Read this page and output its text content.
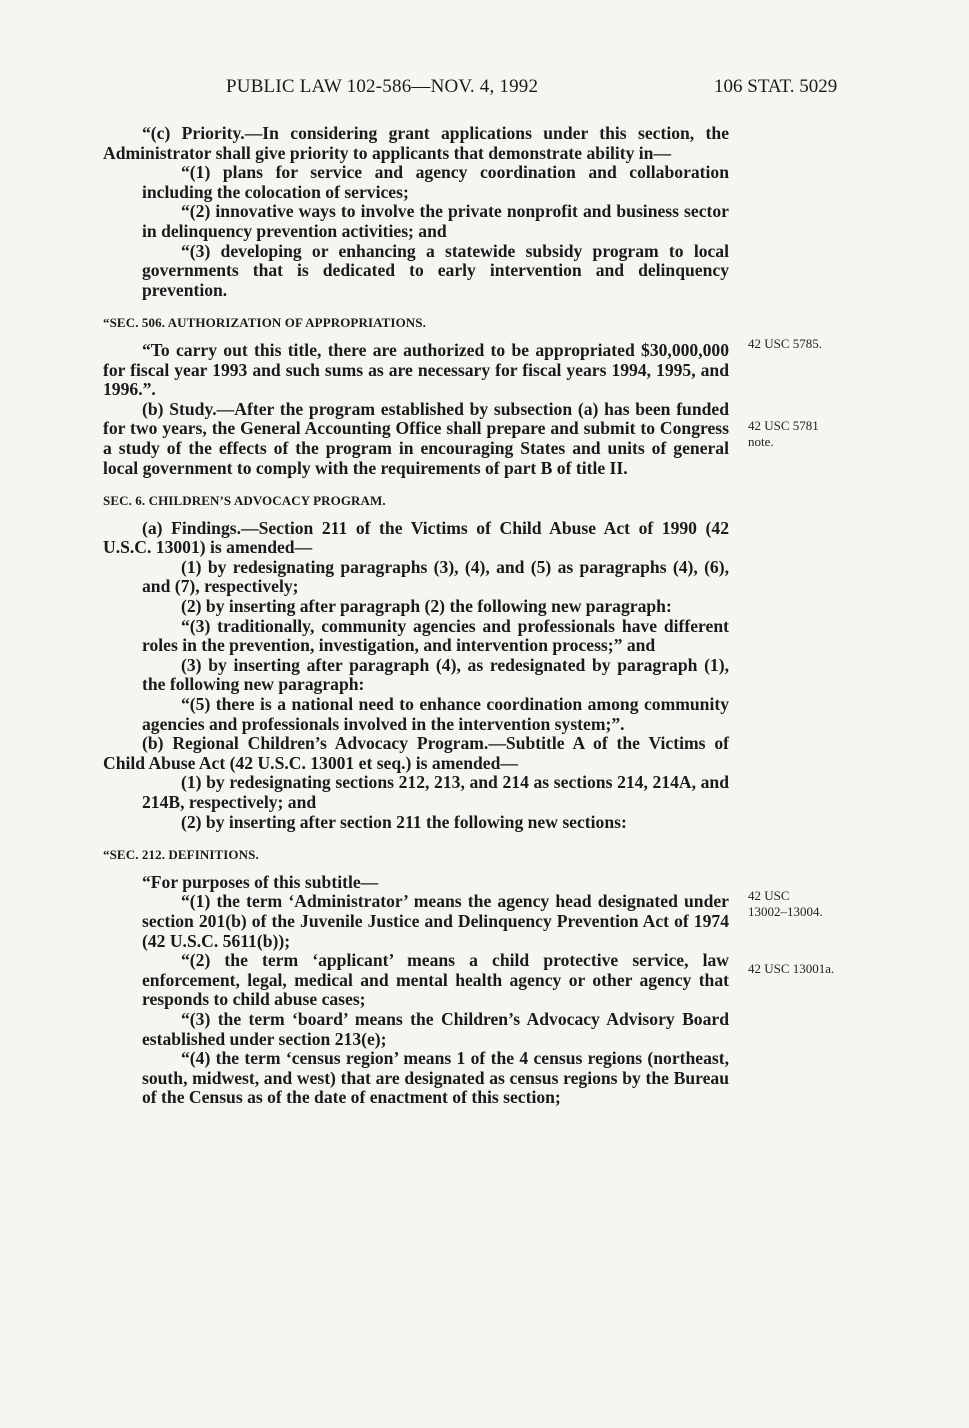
PUBLIC LAW 102-586—NOV. 4, 1992	106 STAT. 5029

“(c) Priority.—In considering grant applications under this section, the Administrator shall give priority to applicants that demonstrate ability in—

“(1) plans for service and agency coordination and collaboration including the colocation of services;

“(2) innovative ways to involve the private nonprofit and business sector in delinquency prevention activities; and

“(3) developing or enhancing a statewide subsidy program to local governments that is dedicated to early intervention and delinquency prevention.

“SEC. 506. AUTHORIZATION OF APPROPRIATIONS.

“To carry out this title, there are authorized to be appropriated $30,000,000 for fiscal year 1993 and such sums as are necessary for fiscal years 1994, 1995, and 1996.”.

(b) Study.—After the program established by subsection (a) has been funded for two years, the General Accounting Office shall prepare and submit to Congress a study of the effects of the program in encouraging States and units of general local government to comply with the requirements of part B of title II.

SEC. 6. CHILDREN’S ADVOCACY PROGRAM.

(a) Findings.—Section 211 of the Victims of Child Abuse Act of 1990 (42 U.S.C. 13001) is amended—

(1) by redesignating paragraphs (3), (4), and (5) as paragraphs (4), (6), and (7), respectively;

(2) by inserting after paragraph (2) the following new paragraph:

“(3) traditionally, community agencies and professionals have different roles in the prevention, investigation, and intervention process;” and

(3) by inserting after paragraph (4), as redesignated by paragraph (1), the following new paragraph:

“(5) there is a national need to enhance coordination among community agencies and professionals involved in the intervention system;”.

(b) Regional Children’s Advocacy Program.—Subtitle A of the Victims of Child Abuse Act (42 U.S.C. 13001 et seq.) is amended—

(1) by redesignating sections 212, 213, and 214 as sections 214, 214A, and 214B, respectively; and

(2) by inserting after section 211 the following new sections:

“SEC. 212. DEFINITIONS.

“For purposes of this subtitle—

“(1) the term ‘Administrator’ means the agency head designated under section 201(b) of the Juvenile Justice and Delinquency Prevention Act of 1974 (42 U.S.C. 5611(b));

“(2) the term ‘applicant’ means a child protective service, law enforcement, legal, medical and mental health agency or other agency that responds to child abuse cases;

“(3) the term ‘board’ means the Children’s Advocacy Advisory Board established under section 213(e);

“(4) the term ‘census region’ means 1 of the 4 census regions (northeast, south, midwest, and west) that are designated as census regions by the Bureau of the Census as of the date of enactment of this section;

42 USC 5785.
42 USC 5781
note.
42 USC
13002–13004.
42 USC 13001a.
